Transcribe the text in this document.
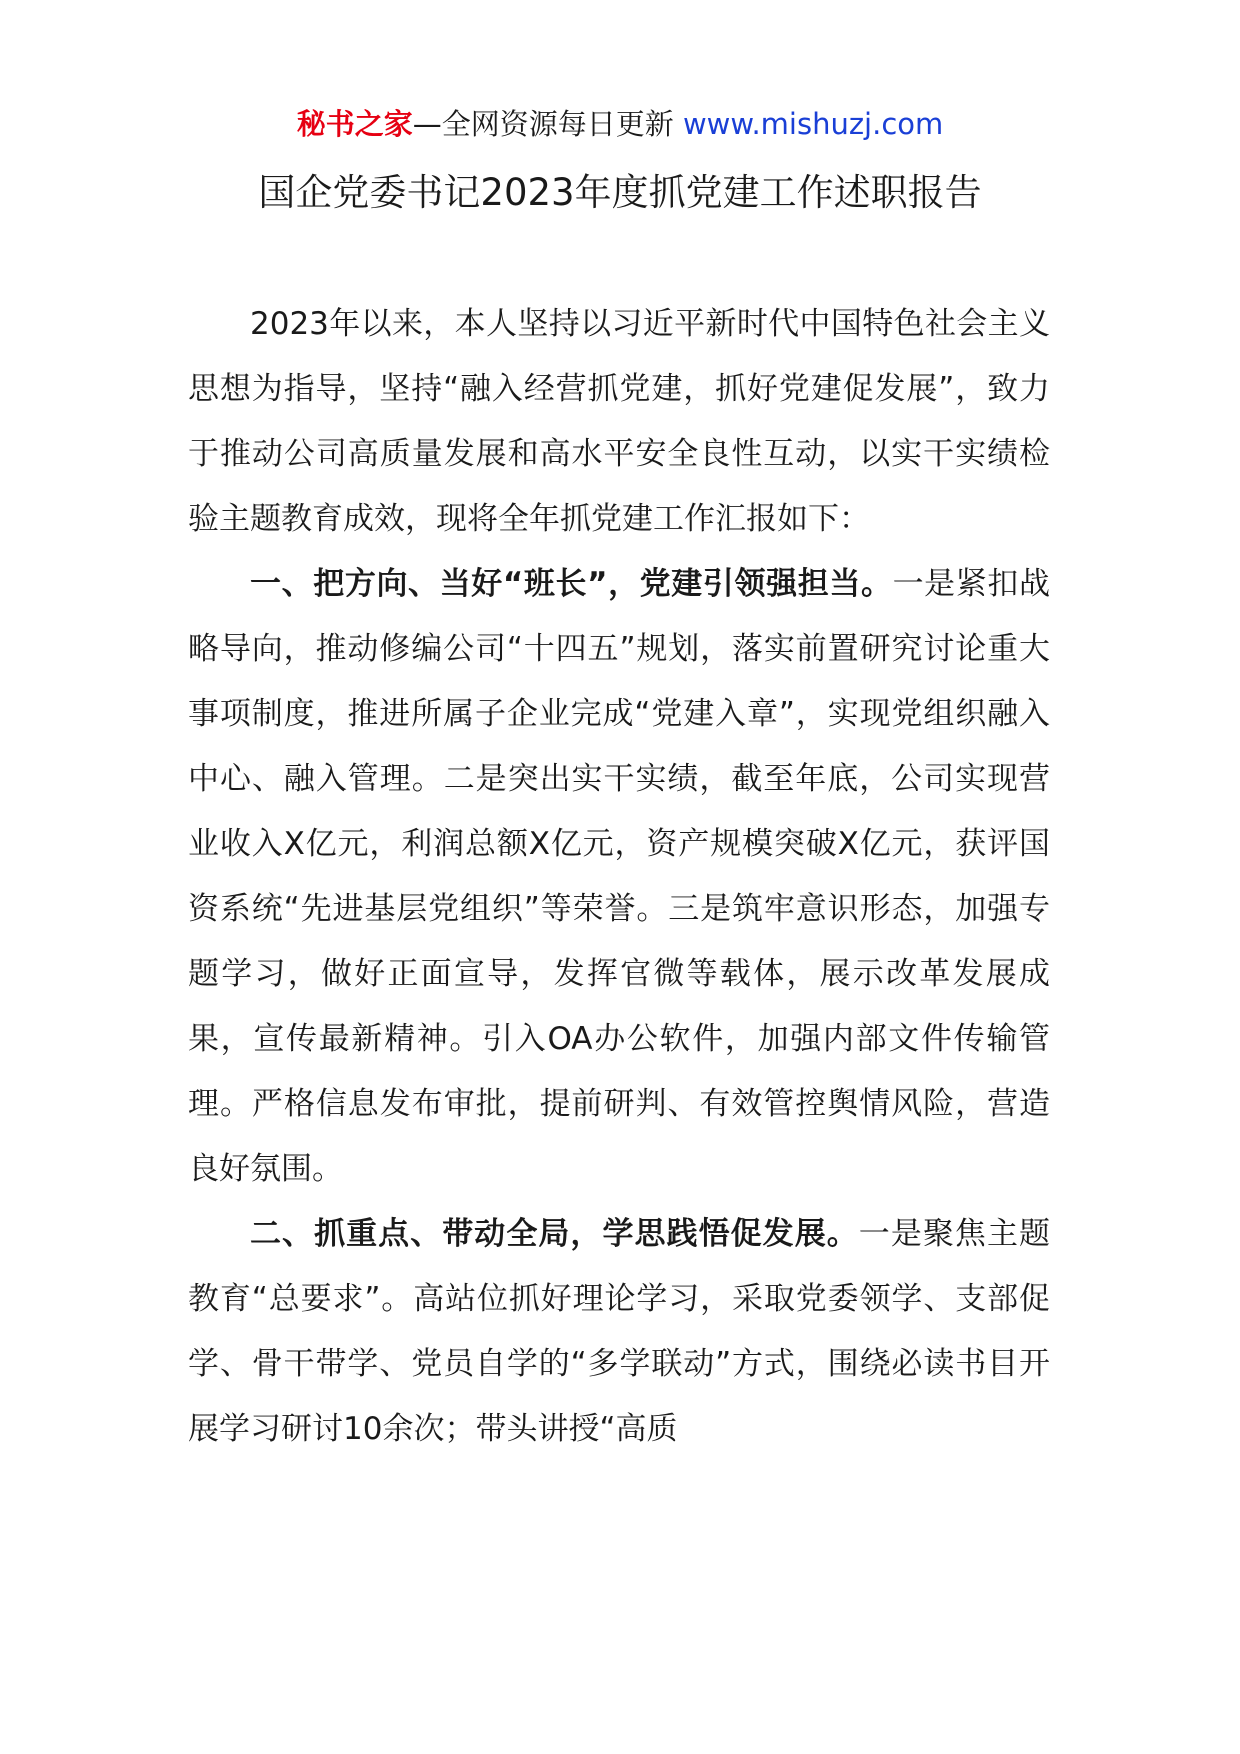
秘书之家—全网资源每日更新 www.mishuzj.com
国企党委书记2023年度抓党建工作述职报告

2023年以来，本人坚持以习近平新时代中国特色社会主义思想为指导，坚持“融入经营抓党建，抓好党建促发展”，致力于推动公司高质量发展和高水平安全良性互动，以实干实绩检验主题教育成效，现将全年抓党建工作汇报如下：

一、把方向、当好“班长”，党建引领强担当。一是紧扣战略导向，推动修编公司“十四五”规划，落实前置研究讨论重大事项制度，推进所属子企业完成“党建入章”，实现党组织融入中心、融入管理。二是突出实干实绩，截至年底，公司实现营业收入X亿元，利润总额X亿元，资产规模突破X亿元，获评国资系统“先进基层党组织”等荣誉。三是筑牢意识形态，加强专题学习，做好正面宣导，发挥官微等载体，展示改革发展成果，宣传最新精神。引入OA办公软件，加强内部文件传输管理。严格信息发布审批，提前研判、有效管控舆情风险，营造良好氛围。

二、抓重点、带动全局，学思践悟促发展。一是聚焦主题教育“总要求”。高站位抓好理论学习，采取党委领学、支部促学、骨干带学、党员自学的“多学联动”方式，围绕必读书目开展学习研讨10余次；带头讲授“高质
